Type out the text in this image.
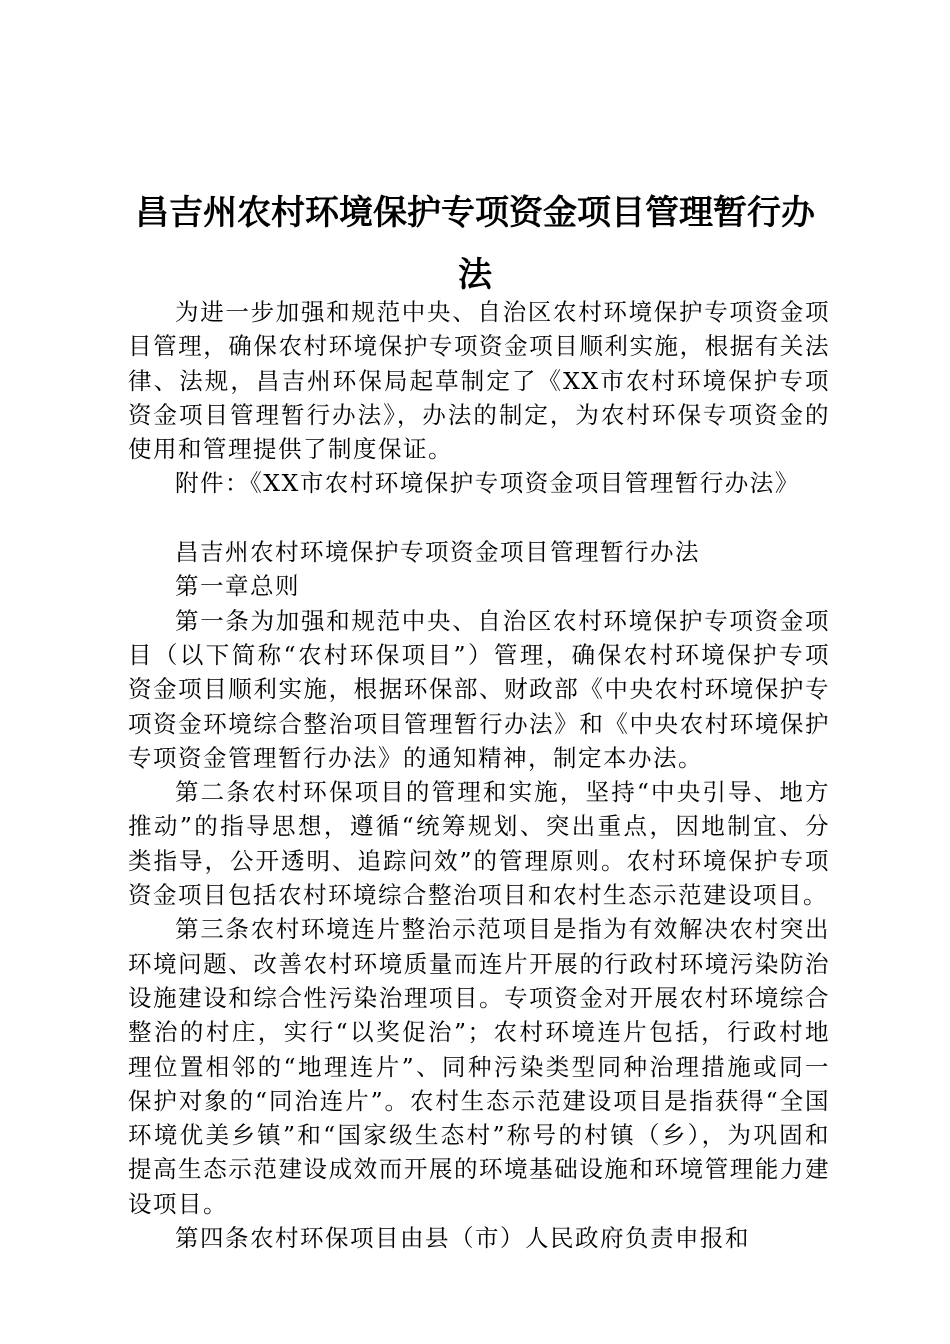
昌吉州农村环境保护专项资金项目管理暂行办法

为进一步加强和规范中央、自治区农村环境保护专项资金项目管理，确保农村环境保护专项资金项目顺利实施，根据有关法律、法规，昌吉州环保局起草制定了《XX市农村环境保护专项资金项目管理暂行办法》，办法的制定，为农村环保专项资金的使用和管理提供了制度保证。

附件：《XX市农村环境保护专项资金项目管理暂行办法》

昌吉州农村环境保护专项资金项目管理暂行办法

第一章总则

第一条为加强和规范中央、自治区农村环境保护专项资金项目（以下简称“农村环保项目”）管理，确保农村环境保护专项资金项目顺利实施，根据环保部、财政部《中央农村环境保护专项资金环境综合整治项目管理暂行办法》和《中央农村环境保护专项资金管理暂行办法》的通知精神，制定本办法。

第二条农村环保项目的管理和实施，坚持“中央引导、地方推动”的指导思想，遵循“统筹规划、突出重点，因地制宜、分类指导，公开透明、追踪问效”的管理原则。农村环境保护专项资金项目包括农村环境综合整治项目和农村生态示范建设项目。

第三条农村环境连片整治示范项目是指为有效解决农村突出环境问题、改善农村环境质量而连片开展的行政村环境污染防治设施建设和综合性污染治理项目。专项资金对开展农村环境综合整治的村庄，实行“以奖促治”；农村环境连片包括，行政村地理位置相邻的“地理连片”、同种污染类型同种治理措施或同一保护对象的“同治连片”。农村生态示范建设项目是指获得“全国环境优美乡镇”和“国家级生态村”称号的村镇（乡），为巩固和提高生态示范建设成效而开展的环境基础设施和环境管理能力建设项目。

第四条农村环保项目由县（市）人民政府负责申报和
